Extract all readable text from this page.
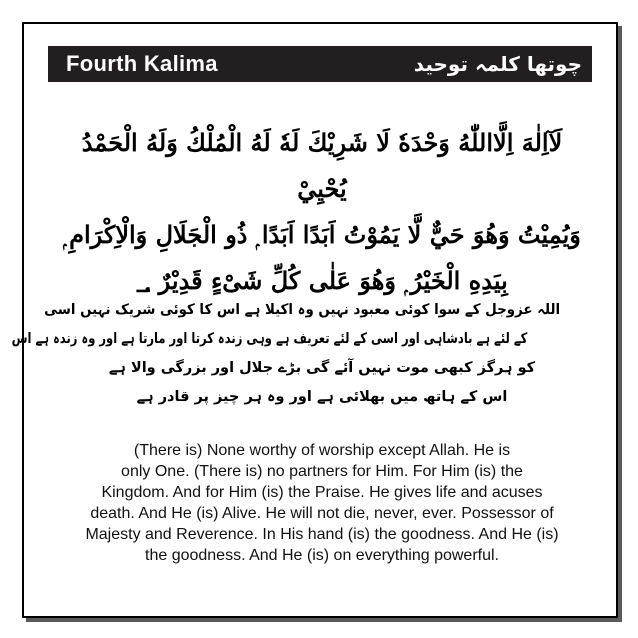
Fourth Kalima	چوتھا کلمہ توحید
لَآاِلٰهَ اِلَّااللّٰهُ وَحْدَهٗ لَا شَرِيْكَ لَهٗ لَهُ الْمُلْكُ وَلَهُ الْحَمْدُ يُحْيِيْ
وَيُمِيْتُ وَهُوَ حَيٌّ لَّا يَمُوْتُ اَبَدًا اَبَدًا ۭ ذُو الْجَلَالِ وَالْاِكْرَامِ ۭ
بِيَدِهِ الْخَيْرُ ۭ وَهُوَ عَلٰى كُلِّ شَیْءٍ قَدِيْرٌ ؀
اللہ عزوجل کے سوا کوئی معبود نہیں وہ اکیلا ہے اس کا کوئی شریک نہیں اسی
کے لئے ہے بادشاہی اور اسی کے لئے تعریف ہے وہی زندہ کرتا اور مارتا ہے اور وہ زندہ ہے اس
کو ہرگز کبھی موت نہیں آئے گی بڑے جلال اور بزرگی والا ہے
اس کے ہاتھ میں بھلائی ہے اور وہ ہر چیز پر قادر ہے
(There is) None worthy of worship except Allah. He is
only One. (There is) no partners for Him. For Him (is) the
Kingdom. And for Him (is) the Praise. He gives life and acuses
death. And He (is) Alive. He will not die, never, ever. Possessor of
Majesty and Reverence. In His hand (is) the goodness. And He (is)
the goodness. And He (is) on everything powerful.
